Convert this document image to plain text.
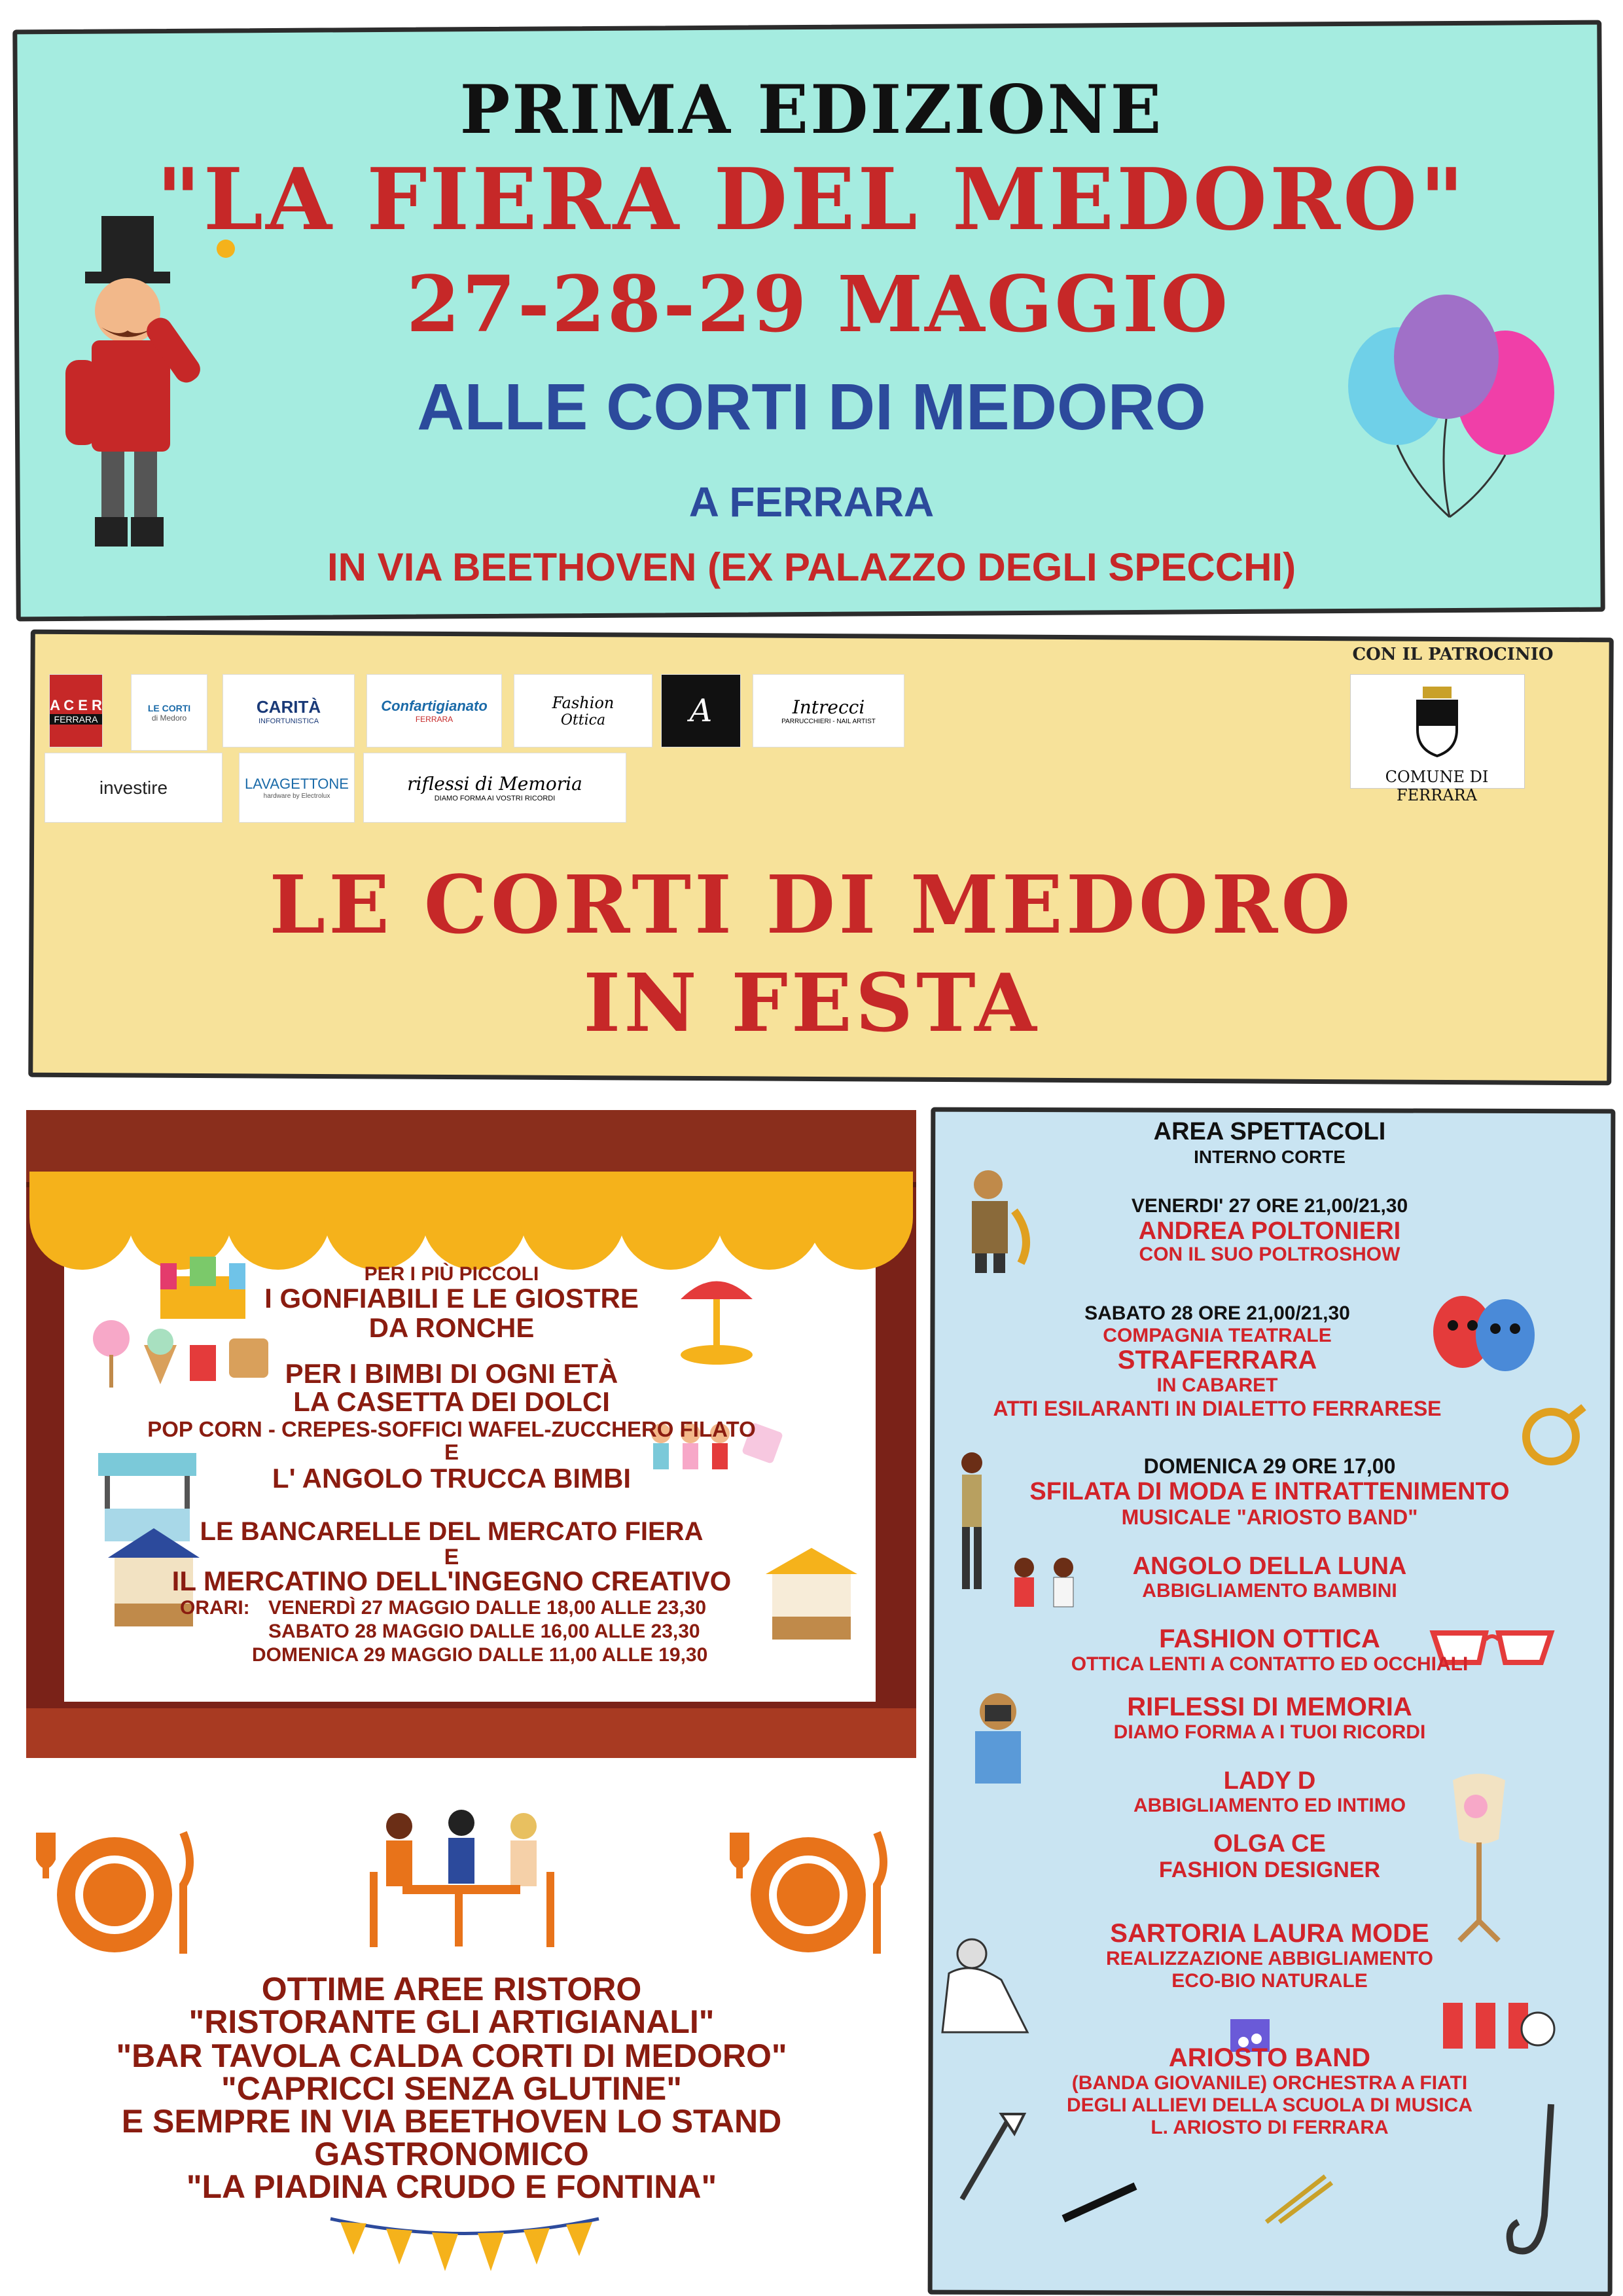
PRIMA EDIZIONE
"LA FIERA DEL MEDORO"
27-28-29 MAGGIO
ALLE CORTI DI MEDORO
A FERRARA
IN VIA BEETHOVEN (EX PALAZZO DEGLI SPECCHI)
A C E R
FERRARA
LE CORTI
di Medoro
CARITÀ
INFORTUNISTICA
Confartigianato
FERRARA
Fashion
Ottica	A	Intrecci
PARRUCCHIERI - NAIL ARTIST
investire	LAVAGETTONE
hardware by Electrolux
riflessi di Memoria
DIAMO FORMA AI VOSTRI RICORDI
CON IL PATROCINIO
COMUNE DI FERRARA
LE CORTI DI MEDORO
IN FESTA
PER I PIÙ PICCOLI
I GONFIABILI E LE GIOSTRE
DA RONCHE
PER I BIMBI DI OGNI ETÀ
LA CASETTA DEI DOLCI
POP CORN - CREPES-SOFFICI WAFEL-ZUCCHERO FILATO
E
L' ANGOLO TRUCCA BIMBI
LE BANCARELLE DEL MERCATO FIERA
E
IL MERCATINO DELL'INGEGNO CREATIVO
ORARI: VENERDÌ 27 MAGGIO DALLE 18,00 ALLE 23,30
SABATO 28 MAGGIO DALLE 16,00 ALLE 23,30
DOMENICA 29 MAGGIO DALLE 11,00 ALLE 19,30
AREA SPETTACOLI
INTERNO CORTE
VENERDI' 27 ORE 21,00/21,30
ANDREA POLTONIERI
CON IL SUO POLTROSHOW
SABATO 28 ORE 21,00/21,30
COMPAGNIA TEATRALE
STRAFERRARA
IN CABARET
ATTI ESILARANTI IN DIALETTO FERRARESE
DOMENICA 29 ORE 17,00
SFILATA DI MODA E INTRATTENIMENTO
MUSICALE "ARIOSTO BAND"
ANGOLO DELLA LUNA
ABBIGLIAMENTO BAMBINI
FASHION OTTICA
OTTICA LENTI A CONTATTO ED OCCHIALI
RIFLESSI DI MEMORIA
DIAMO FORMA A I TUOI RICORDI
LADY D
ABBIGLIAMENTO ED INTIMO
OLGA CE
FASHION DESIGNER
SARTORIA LAURA MODE
REALIZZAZIONE ABBIGLIAMENTO
ECO-BIO NATURALE
ARIOSTO BAND
(BANDA GIOVANILE) ORCHESTRA A FIATI
DEGLI ALLIEVI DELLA SCUOLA DI MUSICA
L. ARIOSTO DI FERRARA
OTTIME AREE RISTORO
"RISTORANTE GLI ARTIGIANALI"
"BAR TAVOLA CALDA CORTI DI MEDORO"
"CAPRICCI SENZA GLUTINE"
E SEMPRE IN VIA BEETHOVEN LO STAND
GASTRONOMICO
"LA PIADINA CRUDO E FONTINA"
